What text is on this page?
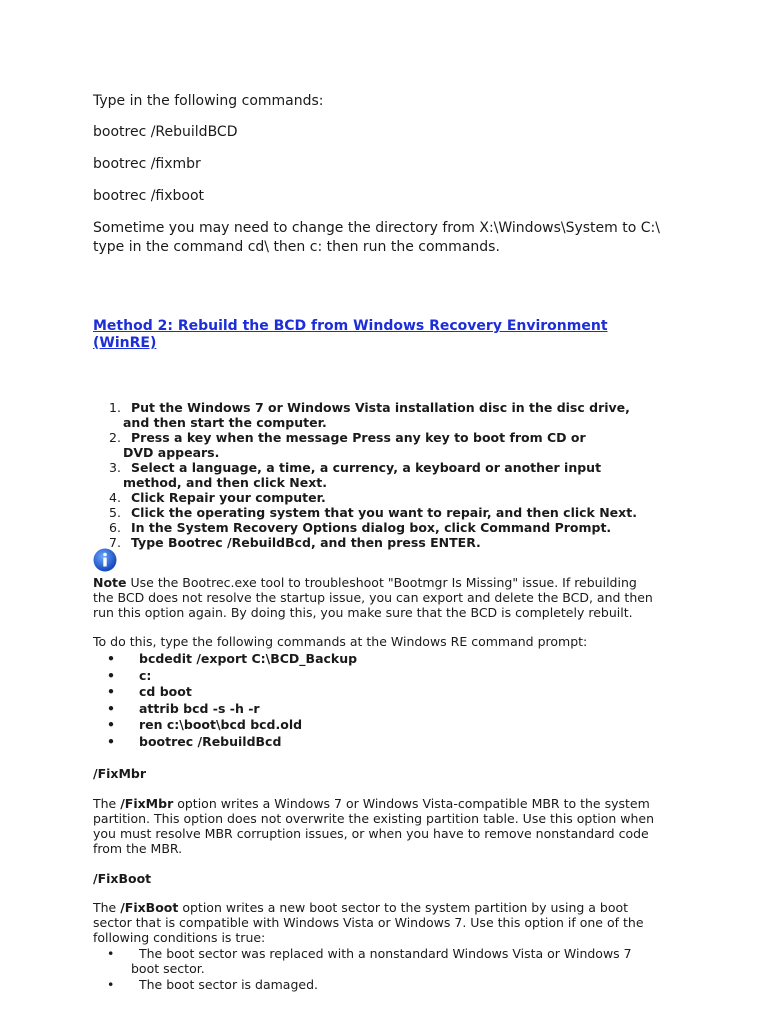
Type in the following commands:

bootrec /RebuildBCD

bootrec /fixmbr

bootrec /fixboot

Sometime you may need to change the directory from X:\Windows\System to C:\

type in the command cd\ then c: then run the commands.

Method 2: Rebuild the BCD from Windows Recovery Environment
(WinRE)
1. Put the Windows 7 or Windows Vista installation disc in the disc drive,
and then start the computer.
2. Press a key when the message Press any key to boot from CD or
DVD appears.
3. Select a language, a time, a currency, a keyboard or another input
method, and then click Next.
4. Click Repair your computer.
5. Click the operating system that you want to repair, and then click Next.
6. In the System Recovery Options dialog box, click Command Prompt.
7. Type Bootrec /RebuildBcd, and then press ENTER.
Note Use the Bootrec.exe tool to troubleshoot "Bootmgr Is Missing" issue. If rebuilding
the BCD does not resolve the startup issue, you can export and delete the BCD, and then
run this option again. By doing this, you make sure that the BCD is completely rebuilt.

To do this, type the following commands at the Windows RE command prompt:

• bcdedit /export C:\BCD_Backup
• c:
• cd boot
• attrib bcd -s -h -r
• ren c:\boot\bcd bcd.old
• bootrec /RebuildBcd

/FixMbr

The /FixMbr option writes a Windows 7 or Windows Vista-compatible MBR to the system
partition. This option does not overwrite the existing partition table. Use this option when
you must resolve MBR corruption issues, or when you have to remove nonstandard code
from the MBR.

/FixBoot

The /FixBoot option writes a new boot sector to the system partition by using a boot
sector that is compatible with Windows Vista or Windows 7. Use this option if one of the
following conditions is true:
• The boot sector was replaced with a nonstandard Windows Vista or Windows 7
boot sector.
• The boot sector is damaged.
